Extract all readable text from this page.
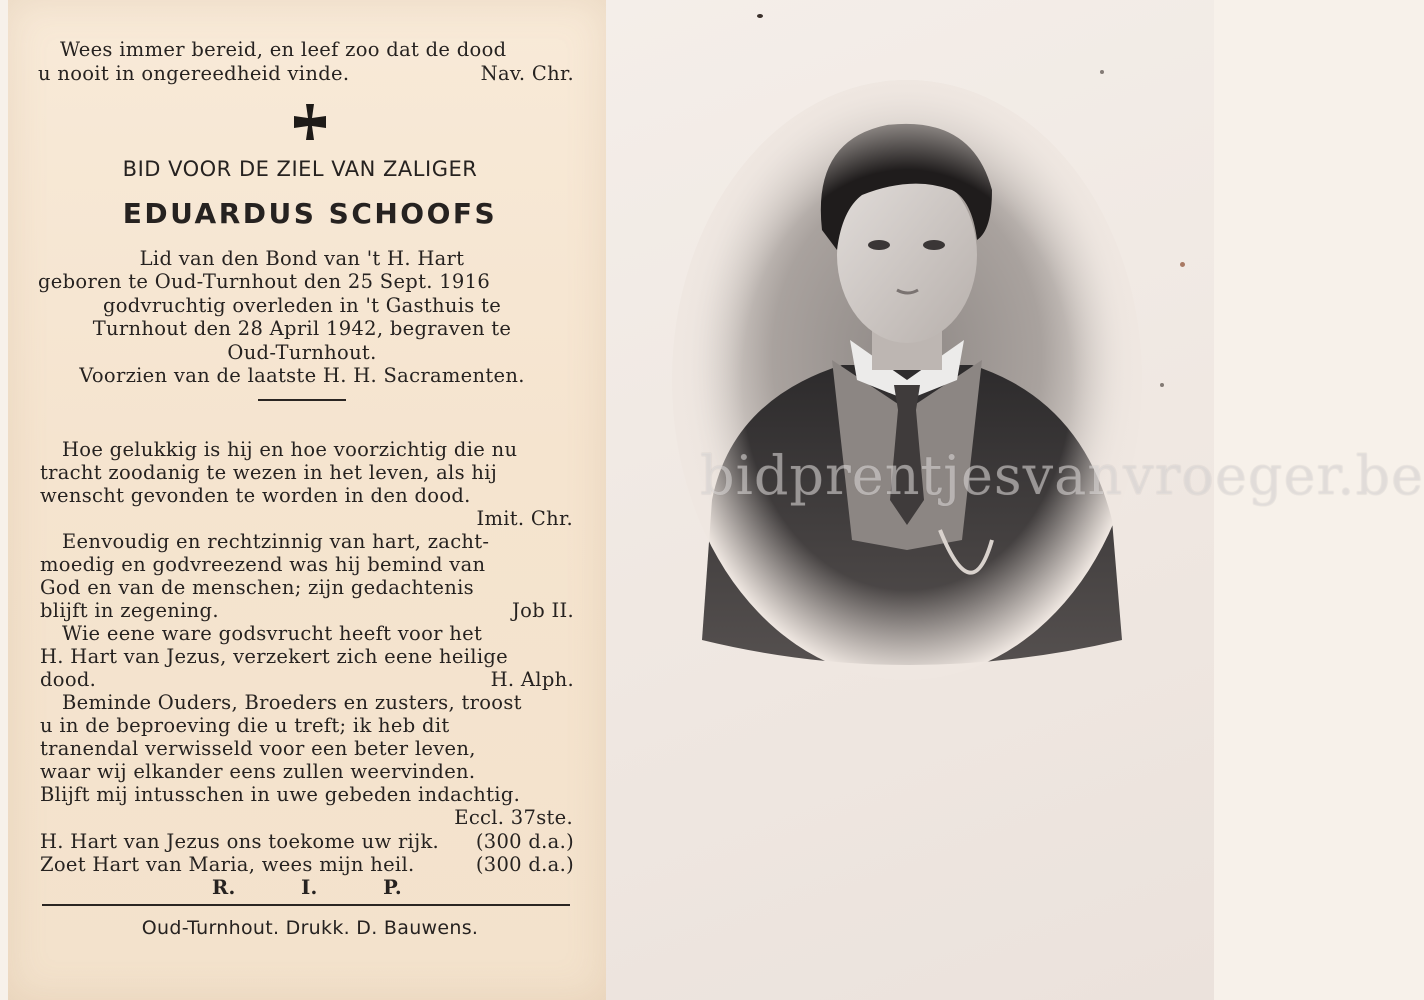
Wees immer bereid, en leef zoo dat de dood
u nooit in ongereedheid vinde.	Nav. Chr.
BID VOOR DE ZIEL VAN ZALIGER
EDUARDUS SCHOOFS
Lid van den Bond van 't H. Hart
geboren te Oud-Turnhout den 25 Sept. 1916
godvruchtig overleden in 't Gasthuis te
Turnhout den 28 April 1942, begraven te
Oud-Turnhout.
Voorzien van de laatste H. H. Sacramenten.
Hoe gelukkig is hij en hoe voorzichtig die nu
tracht zoodanig te wezen in het leven, als hij
wenscht gevonden te worden in den dood.
Imit. Chr.
Eenvoudig en rechtzinnig van hart, zacht-
moedig en godvreezend was hij bemind van
God en van de menschen; zijn gedachtenis
blijft in zegening.	Job II.
Wie eene ware godsvrucht heeft voor het
H. Hart van Jezus, verzekert zich eene heilige
dood.	H. Alph.
Beminde Ouders, Broeders en zusters, troost
u in de beproeving die u treft; ik heb dit
tranendal verwisseld voor een beter leven,
waar wij elkander eens zullen weervinden.
Blijft mij intusschen in uwe gebeden indachtig.
Eccl. 37ste.
H. Hart van Jezus ons toekome uw rijk. (300 d.a.)
Zoet Hart van Maria, wees mijn heil.	(300 d.a.)
R.	I.	P.
Oud-Turnhout. Drukk. D. Bauwens.
bidprentjesvanvroeger.be
